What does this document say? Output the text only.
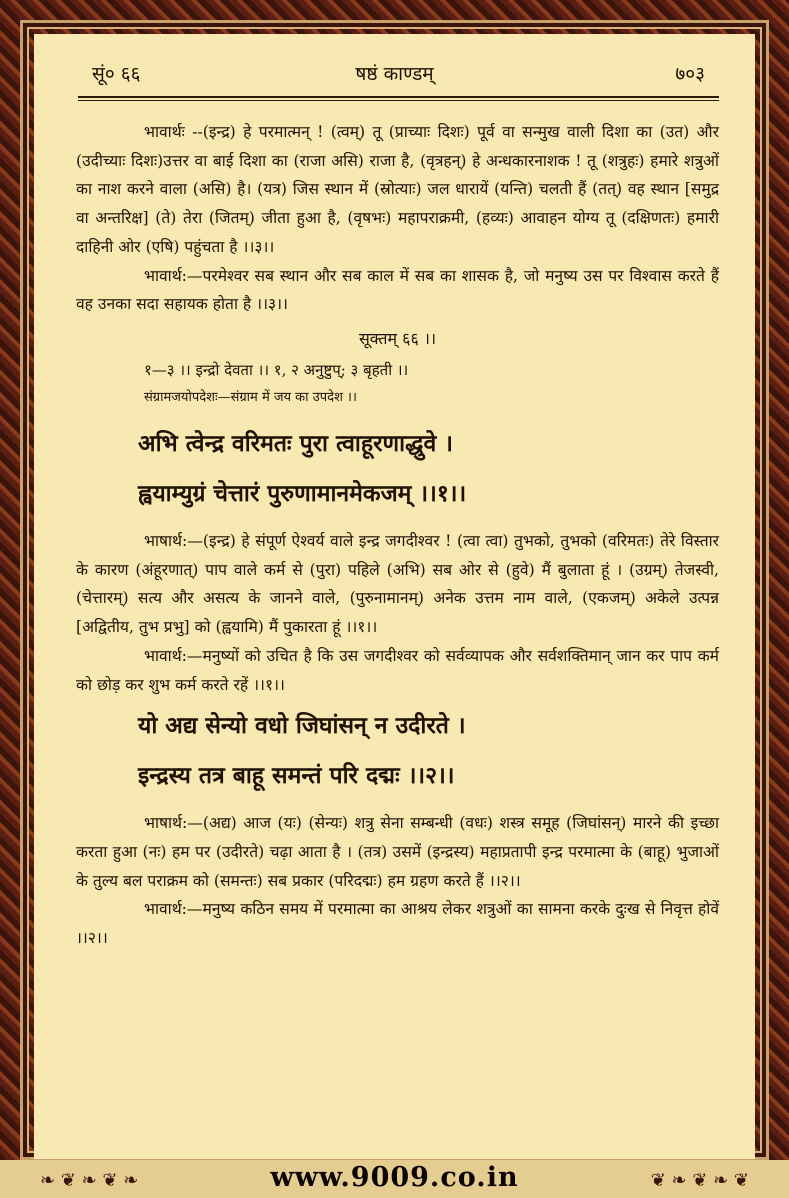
सूं० ६६	षष्ठं काण्डम्	७०३

भावार्थः --(इन्द्र) हे परमात्मन् ! (त्वम्) तू (प्राच्याः दिशः) पूर्व वा सन्मुख वाली दिशा का (उत) और (उदीच्याः दिशः)उत्तर वा बाई दिशा का (राजा असि) राजा है, (वृत्रहन्) हे अन्धकारनाशक ! तू (शत्रुहः) हमारे शत्रुओं का नाश करने वाला (असि) है। (यत्र) जिस स्थान में (स्रोत्याः) जल धारायें (यन्ति) चलती हैं (तत्) वह स्थान [समुद्र वा अन्तरिक्ष] (ते) तेरा (जितम्) जीता हुआ है, (वृषभः) महापराक्रमी, (हव्यः) आवाहन योग्य तू (दक्षिणतः) हमारी दाहिनी ओर (एषि) पहुंचता है ।।३।।

भावार्थ:—परमेश्वर सब स्थान और सब काल में सब का शासक है, जो मनुष्य उस पर विश्वास करते हैं वह उनका सदा सहायक होता है ।।३।।

सूक्तम् ६६ ।।

१—३ ।। इन्द्रो देवता ।। १, २ अनुष्टुप्; ३ बृहती ।।

संग्रामजयोपदेशः—संग्राम में जय का उपदेश ।।

अभि त्वेन्द्र वरिमतः पुरा त्वाहूरणाद्धुवे ।
ह्वयाम्युग्रं चेत्तारं पुरुणामानमेकजम् ।।१।।

भाषार्थ:—(इन्द्र) हे संपूर्ण ऐश्वर्य वाले इन्द्र जगदीश्वर ! (त्वा त्वा) तुभको, तुभको (वरिमतः) तेरे विस्तार के कारण (अंहूरणात्) पाप वाले कर्म से (पुरा) पहिले (अभि) सब ओर से (हुवे) मैं बुलाता हूं । (उग्रम्) तेजस्वी, (चेत्तारम्) सत्य और असत्य के जानने वाले, (पुरुनामानम्) अनेक उत्तम नाम वाले, (एकजम्) अकेले उत्पन्न [अद्वितीय, तुभ प्रभु] को (ह्वयामि) मैं पुकारता हूं ।।१।।

भावार्थ:—मनुष्यों को उचित है कि उस जगदीश्वर को सर्वव्यापक और सर्वशक्तिमान् जान कर पाप कर्म को छोड़ कर शुभ कर्म करते रहें ।।१।।

यो अद्य सेन्यो वधो जिघांसन् न उदीरते ।
इन्द्रस्य तत्र बाहू समन्तं परि दद्मः ।।२।।

भाषार्थ:—(अद्य) आज (यः) (सेन्यः) शत्रु सेना सम्बन्धी (वधः) शस्त्र समूह (जिघांसन्) मारने की इच्छा करता हुआ (नः) हम पर (उदीरते) चढ़ा आता है । (तत्र) उसमें (इन्द्रस्य) महाप्रतापी इन्द्र परमात्मा के (बाहू) भुजाओं के तुल्य बल पराक्रम को (समन्तः) सब प्रकार (परिदद्मः) हम ग्रहण करते हैं ।।२।।

भावार्थ:—मनुष्य कठिन समय में परमात्मा का आश्रय लेकर शत्रुओं का सामना करके दुःख से निवृत्त होवें ।।२।।

❧ ❦ ❧ ❦ ❧	❦ ❧ ❦ ❧ ❦
www.9009.co.in
